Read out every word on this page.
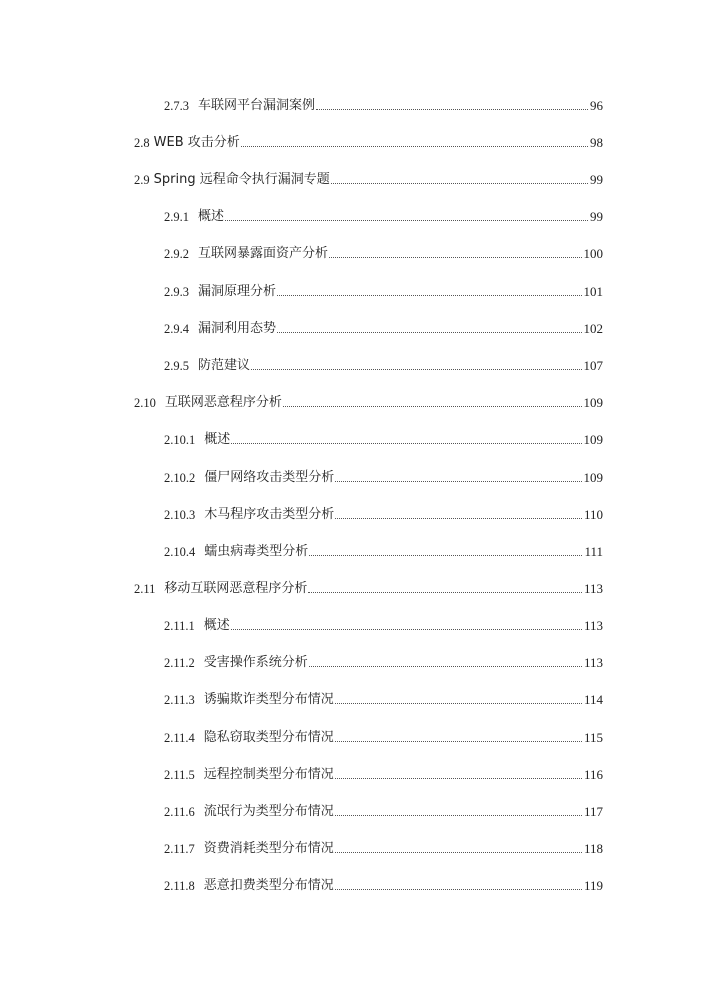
2.7.3 车联网平台漏洞案例	96
2.8 WEB 攻击分析	98
2.9 Spring 远程命令执行漏洞专题	99
2.9.1 概述	99
2.9.2 互联网暴露面资产分析	100
2.9.3 漏洞原理分析	101
2.9.4 漏洞利用态势	102
2.9.5 防范建议	107
2.10 互联网恶意程序分析	109
2.10.1 概述	109
2.10.2 僵尸网络攻击类型分析	109
2.10.3 木马程序攻击类型分析	110
2.10.4 蠕虫病毒类型分析	111
2.11 移动互联网恶意程序分析	113
2.11.1 概述	113
2.11.2 受害操作系统分析	113
2.11.3 诱骗欺诈类型分布情况	114
2.11.4 隐私窃取类型分布情况	115
2.11.5 远程控制类型分布情况	116
2.11.6 流氓行为类型分布情况	117
2.11.7 资费消耗类型分布情况	118
2.11.8 恶意扣费类型分布情况	119
